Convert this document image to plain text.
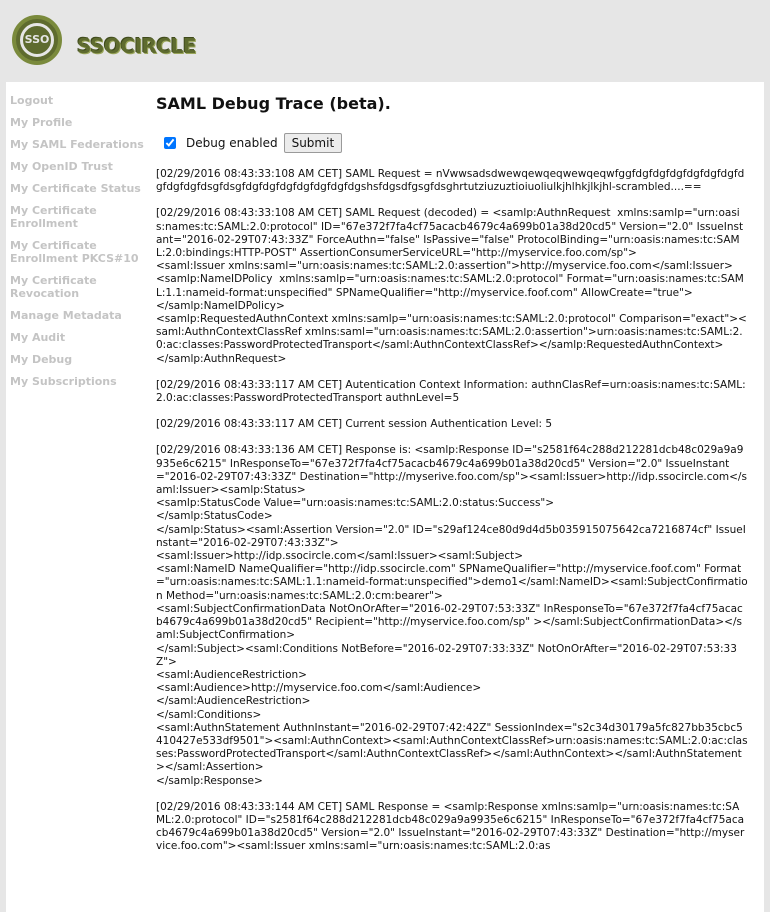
SSO SSOCIRCLE
Logout
My Profile
My SAML Federations
My OpenID Trust
My Certificate Status
My Certificate Enrollment
My Certificate Enrollment PKCS#10
My Certificate Revocation
Manage Metadata
My Audit
My Debug
My Subscriptions
SAML Debug Trace (beta).
Debug enabled	Submit

[02/29/2016 08:43:33:108 AM CET] SAML Request = nVwwsadsdwewqewqeqwewqeqwfggfdgfdgfdgfdgfdgfdgfdgfdgfdgfdsgfdsgfdgfdgfdgfdgfdgfdgfdgshsfdgsdfgsgfdsghrtutziuzuztioiuoliulkjhlhkjlkjhl-scrambled....==

[02/29/2016 08:43:33:108 AM CET] SAML Request (decoded) = <samlp:AuthnRequest  xmlns:samlp="urn:oasis:names:tc:SAML:2.0:protocol" ID="67e372f7fa4cf75acacb4679c4a699b01a38d20cd5" Version="2.0" IssueInstant="2016-02-29T07:43:33Z" ForceAuthn="false" IsPassive="false" ProtocolBinding="urn:oasis:names:tc:SAML:2.0:bindings:HTTP-POST" AssertionConsumerServiceURL="http://myservice.foo.com/sp">
<saml:Issuer xmlns:saml="urn:oasis:names:tc:SAML:2.0:assertion">http://myservice.foo.com</saml:Issuer>
<samlp:NameIDPolicy  xmlns:samlp="urn:oasis:names:tc:SAML:2.0:protocol" Format="urn:oasis:names:tc:SAML:1.1:nameid-format:unspecified" SPNameQualifier="http://myservice.foof.com" AllowCreate="true">
</samlp:NameIDPolicy>
<samlp:RequestedAuthnContext xmlns:samlp="urn:oasis:names:tc:SAML:2.0:protocol" Comparison="exact"><saml:AuthnContextClassRef xmlns:saml="urn:oasis:names:tc:SAML:2.0:assertion">urn:oasis:names:tc:SAML:2.0:ac:classes:PasswordProtectedTransport</saml:AuthnContextClassRef></samlp:RequestedAuthnContext>
</samlp:AuthnRequest>

[02/29/2016 08:43:33:117 AM CET] Autentication Context Information: authnClasRef=urn:oasis:names:tc:SAML:2.0:ac:classes:PasswordProtectedTransport authnLevel=5

[02/29/2016 08:43:33:117 AM CET] Current session Authentication Level: 5

[02/29/2016 08:43:33:136 AM CET] Response is: <samlp:Response ID="s2581f64c288d212281dcb48c029a9a9935e6c6215" InResponseTo="67e372f7fa4cf75acacb4679c4a699b01a38d20cd5" Version="2.0" IssueInstant="2016-02-29T07:43:33Z" Destination="http://myserive.foo.com/sp"><saml:Issuer>http://idp.ssocircle.com</saml:Issuer><samlp:Status>
<samlp:StatusCode Value="urn:oasis:names:tc:SAML:2.0:status:Success">
</samlp:StatusCode>
</samlp:Status><saml:Assertion Version="2.0" ID="s29af124ce80d9d4d5b035915075642ca7216874cf" IssueInstant="2016-02-29T07:43:33Z">
<saml:Issuer>http://idp.ssocircle.com</saml:Issuer><saml:Subject>
<saml:NameID NameQualifier="http://idp.ssocircle.com" SPNameQualifier="http://myservice.foof.com" Format="urn:oasis:names:tc:SAML:1.1:nameid-format:unspecified">demo1</saml:NameID><saml:SubjectConfirmation Method="urn:oasis:names:tc:SAML:2.0:cm:bearer">
<saml:SubjectConfirmationData NotOnOrAfter="2016-02-29T07:53:33Z" InResponseTo="67e372f7fa4cf75acacb4679c4a699b01a38d20cd5" Recipient="http://myservice.foo.com/sp" ></saml:SubjectConfirmationData></saml:SubjectConfirmation>
</saml:Subject><saml:Conditions NotBefore="2016-02-29T07:33:33Z" NotOnOrAfter="2016-02-29T07:53:33Z">
<saml:AudienceRestriction>
<saml:Audience>http://myservice.foo.com</saml:Audience>
</saml:AudienceRestriction>
</saml:Conditions>
<saml:AuthnStatement AuthnInstant="2016-02-29T07:42:42Z" SessionIndex="s2c34d30179a5fc827bb35cbc5410427e533df9501"><saml:AuthnContext><saml:AuthnContextClassRef>urn:oasis:names:tc:SAML:2.0:ac:classes:PasswordProtectedTransport</saml:AuthnContextClassRef></saml:AuthnContext></saml:AuthnStatement></saml:Assertion>
</samlp:Response>

[02/29/2016 08:43:33:144 AM CET] SAML Response = <samlp:Response xmlns:samlp="urn:oasis:names:tc:SAML:2.0:protocol" ID="s2581f64c288d212281dcb48c029a9a9935e6c6215" InResponseTo="67e372f7fa4cf75acacb4679c4a699b01a38d20cd5" Version="2.0" IssueInstant="2016-02-29T07:43:33Z" Destination="http://myservice.foo.com"><saml:Issuer xmlns:saml="urn:oasis:names:tc:SAML:2.0:as
